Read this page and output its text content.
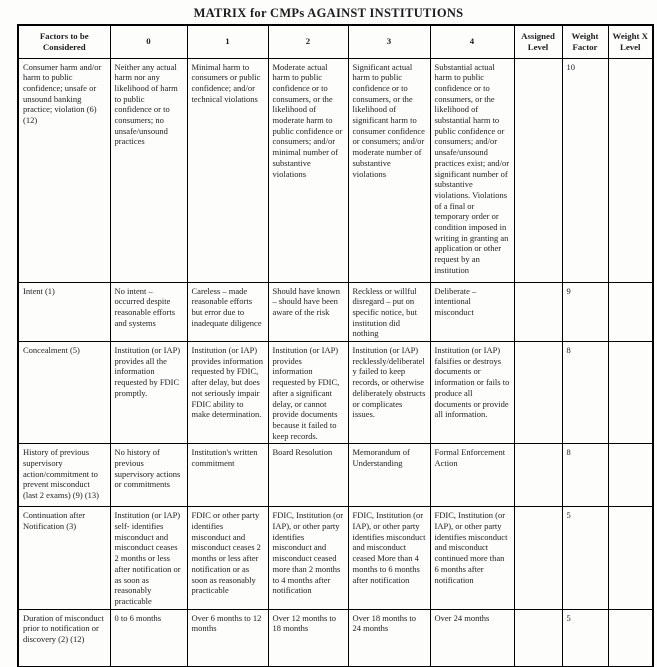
MATRIX for CMPs AGAINST INSTITUTIONS
Factors to be Considered	0	1	2	3	4	Assigned Level	Weight Factor	Weight X Level
Consumer harm and/or harm to public confidence; unsafe or unsound banking practice; violation (6) (12)	Neither any actual harm nor any likelihood of harm to public confidence or to consumers; no unsafe/unsound practices	Minimal harm to consumers or public confidence; and/or technical violations	Moderate actual harm to public confidence or to consumers, or the likelihood of moderate harm to public confidence or consumers; and/or minimal number of substantive violations	Significant actual harm to public confidence or to consumers, or the likelihood of significant harm to consumer confidence or consumers; and/or moderate number of substantive violations	Substantial actual harm to public confidence or to consumers, or the likelihood of substantial harm to public confidence or consumers; and/or unsafe/unsound practices exist; and/or significant number of substantive violations. Violations of a final or temporary order or condition imposed in writing in granting an application or other request by an institution		10	
Intent (1)	No intent – occurred despite reasonable efforts and systems	Careless – made reasonable efforts but error due to inadequate diligence	Should have known – should have been aware of the risk	Reckless or willful disregard – put on specific notice, but institution did nothing	Deliberate – intentional misconduct		9	
Concealment (5)	Institution (or IAP) provides all the information requested by FDIC promptly.	Institution (or IAP) provides information requested by FDIC, after delay, but does not seriously impair FDIC ability to make determination.	Institution (or IAP) provides information requested by FDIC, after a significant delay, or cannot provide documents because it failed to keep records.	Institution (or IAP) recklessly/deliberately failed to keep records, or otherwise deliberately obstructs or complicates issues.	Institution (or IAP) falsifies or destroys documents or information or fails to produce all documents or provide all information.		8	
History of previous supervisory action/commitment to prevent misconduct (last 2 exams) (9) (13)	No history of previous supervisory actions or commitments	Institution's written commitment	Board Resolution	Memorandum of Understanding	Formal Enforcement Action		8	
Continuation after Notification (3)	Institution (or IAP) self- identifies misconduct and misconduct ceases 2 months or less after notification or as soon as reasonably practicable	FDIC or other party identifies misconduct and misconduct ceases 2 months or less after notification or as soon as reasonably practicable	FDIC, Institution (or IAP), or other party identifies misconduct and misconduct ceased more than 2 months to 4 months after notification	FDIC, Institution (or IAP), or other party identifies misconduct and misconduct ceased More than 4 months to 6 months after notification	FDIC, Institution (or IAP), or other party identifies misconduct and misconduct continued more than 6 months after notification		5	
Duration of misconduct prior to notification or discovery (2) (12)	0 to 6 months	Over 6 months to 12 months	Over 12 months to 18 months	Over 18 months to 24 months	Over 24 months		5	
